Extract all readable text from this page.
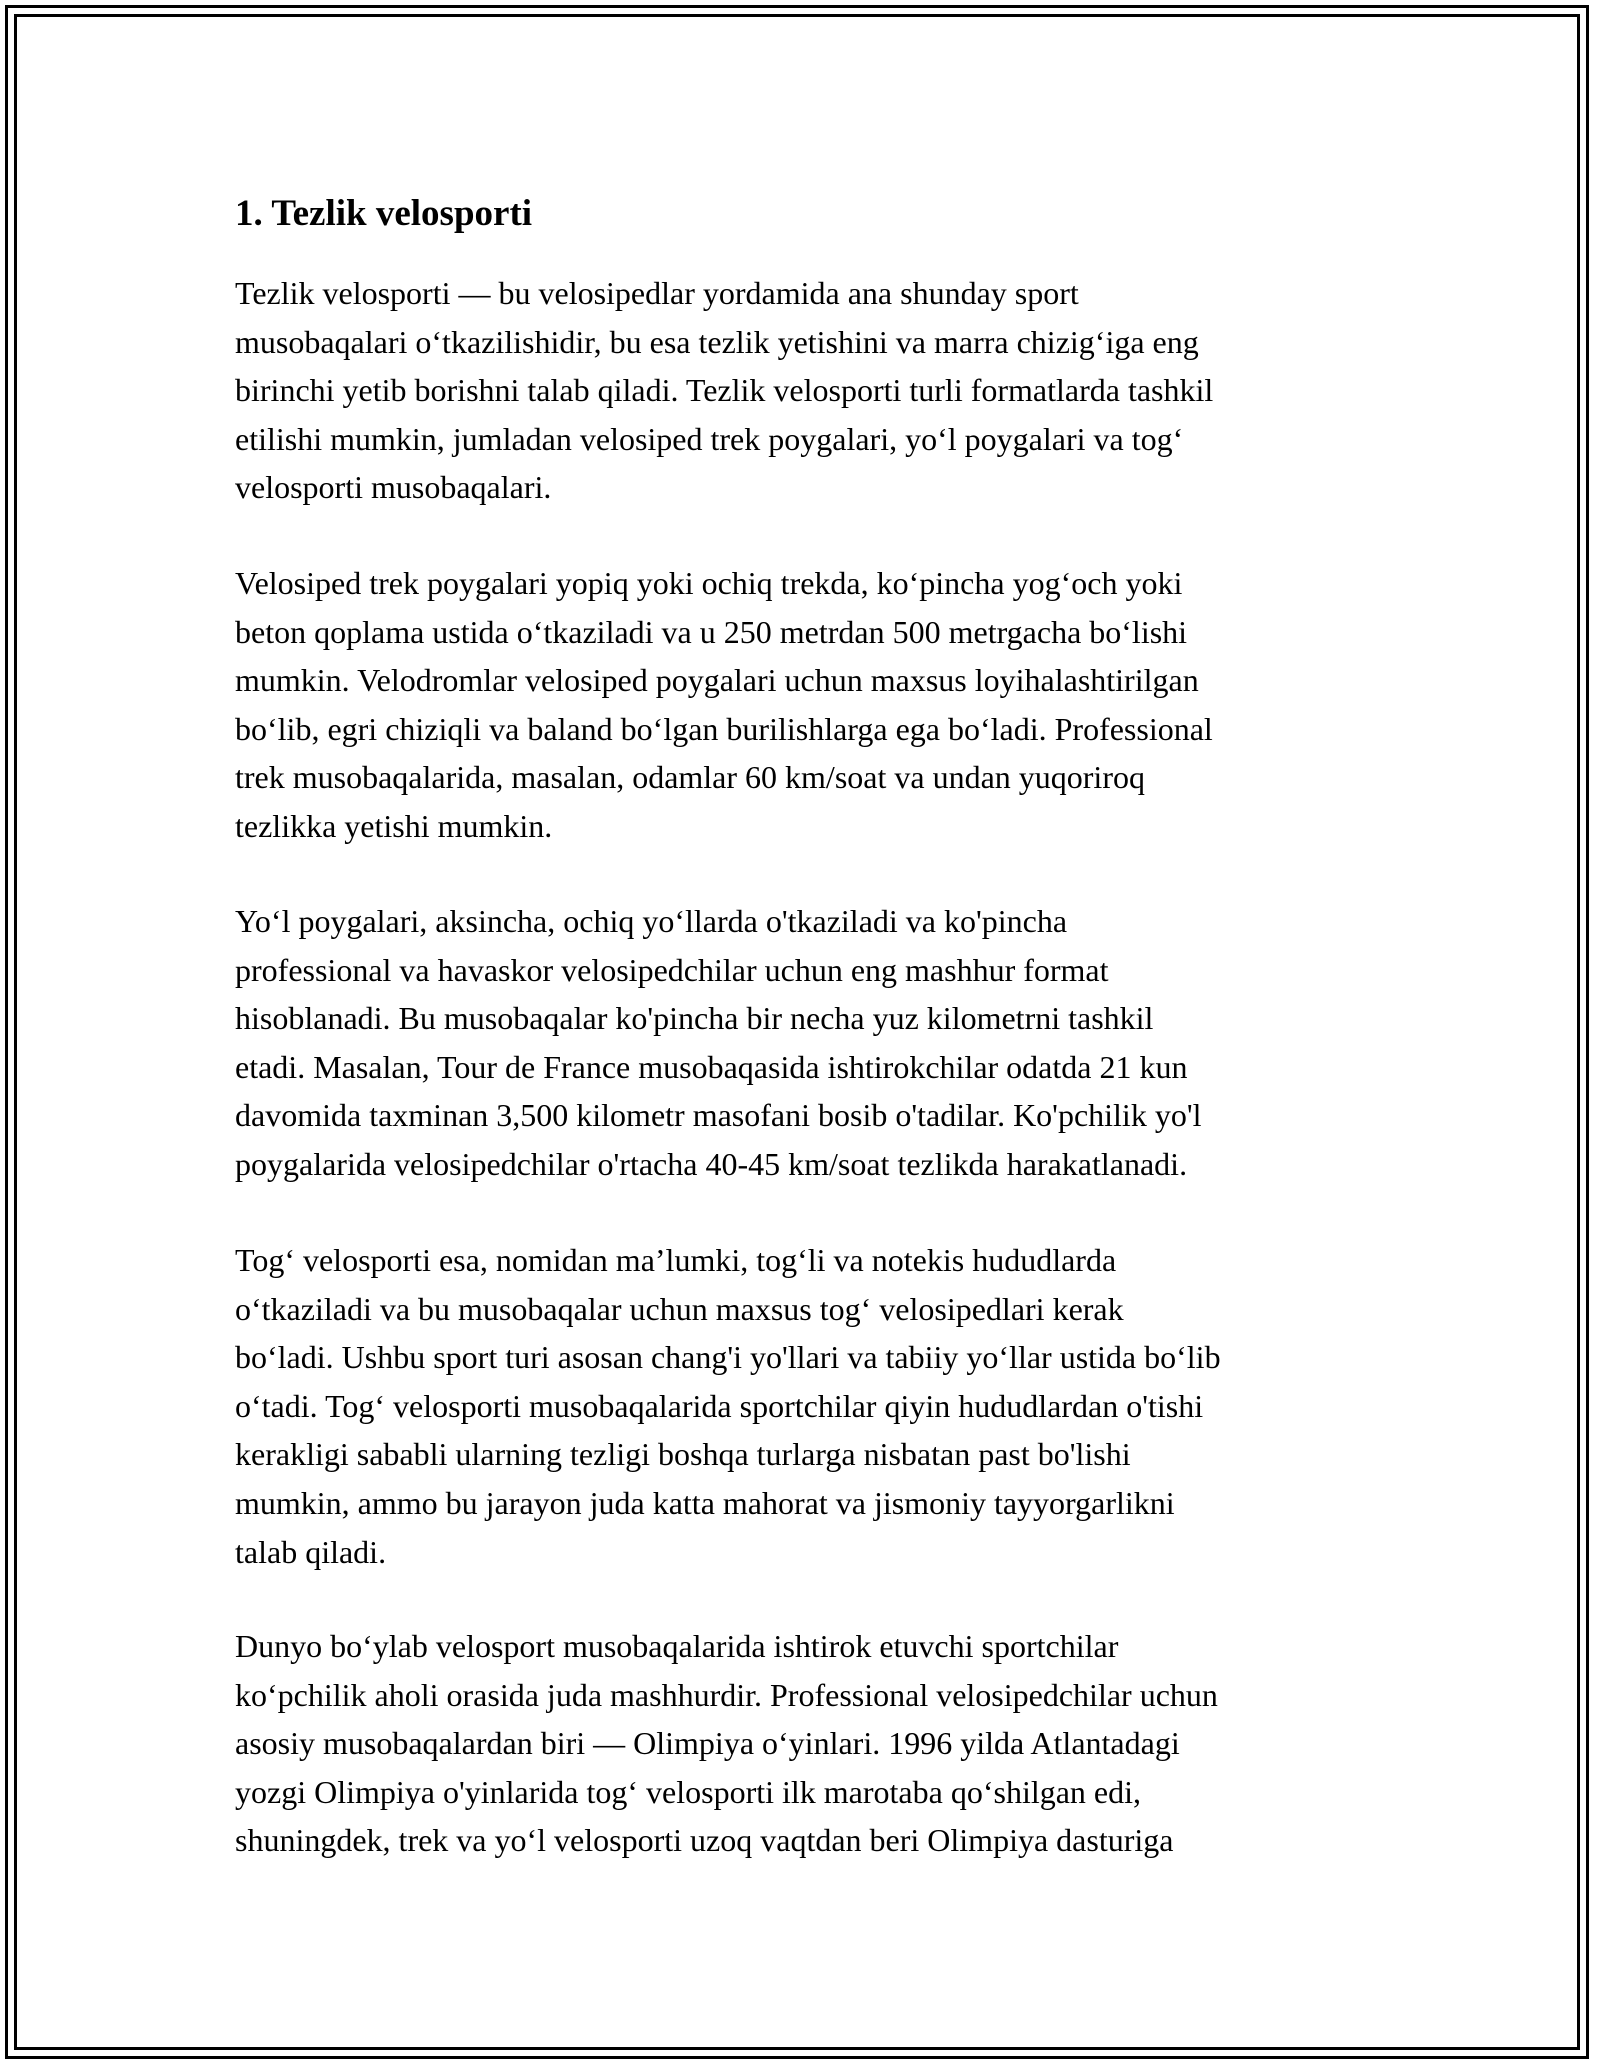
1. Tezlik velosporti

Tezlik velosporti — bu velosipedlar yordamida ana shunday sport
musobaqalari o‘tkazilishidir, bu esa tezlik yetishini va marra chizig‘iga eng
birinchi yetib borishni talab qiladi. Tezlik velosporti turli formatlarda tashkil
etilishi mumkin, jumladan velosiped trek poygalari, yo‘l poygalari va tog‘
velosporti musobaqalari.

Velosiped trek poygalari yopiq yoki ochiq trekda, ko‘pincha yog‘och yoki
beton qoplama ustida o‘tkaziladi va u 250 metrdan 500 metrgacha bo‘lishi
mumkin. Velodromlar velosiped poygalari uchun maxsus loyihalashtirilgan
bo‘lib, egri chiziqli va baland bo‘lgan burilishlarga ega bo‘ladi. Professional
trek musobaqalarida, masalan, odamlar 60 km/soat va undan yuqoriroq
tezlikka yetishi mumkin.

Yo‘l poygalari, aksincha, ochiq yo‘llarda o'tkaziladi va ko'pincha
professional va havaskor velosipedchilar uchun eng mashhur format
hisoblanadi. Bu musobaqalar ko'pincha bir necha yuz kilometrni tashkil
etadi. Masalan, Tour de France musobaqasida ishtirokchilar odatda 21 kun
davomida taxminan 3,500 kilometr masofani bosib o'tadilar. Ko'pchilik yo'l
poygalarida velosipedchilar o'rtacha 40-45 km/soat tezlikda harakatlanadi.

Tog‘ velosporti esa, nomidan ma’lumki, tog‘li va notekis hududlarda
o‘tkaziladi va bu musobaqalar uchun maxsus tog‘ velosipedlari kerak
bo‘ladi. Ushbu sport turi asosan chang'i yo'llari va tabiiy yo‘llar ustida bo‘lib
o‘tadi. Tog‘ velosporti musobaqalarida sportchilar qiyin hududlardan o'tishi
kerakligi sababli ularning tezligi boshqa turlarga nisbatan past bo'lishi
mumkin, ammo bu jarayon juda katta mahorat va jismoniy tayyorgarlikni
talab qiladi.

Dunyo bo‘ylab velosport musobaqalarida ishtirok etuvchi sportchilar
ko‘pchilik aholi orasida juda mashhurdir. Professional velosipedchilar uchun
asosiy musobaqalardan biri — Olimpiya o‘yinlari. 1996 yilda Atlantadagi
yozgi Olimpiya o'yinlarida tog‘ velosporti ilk marotaba qo‘shilgan edi,
shuningdek, trek va yo‘l velosporti uzoq vaqtdan beri Olimpiya dasturiga
